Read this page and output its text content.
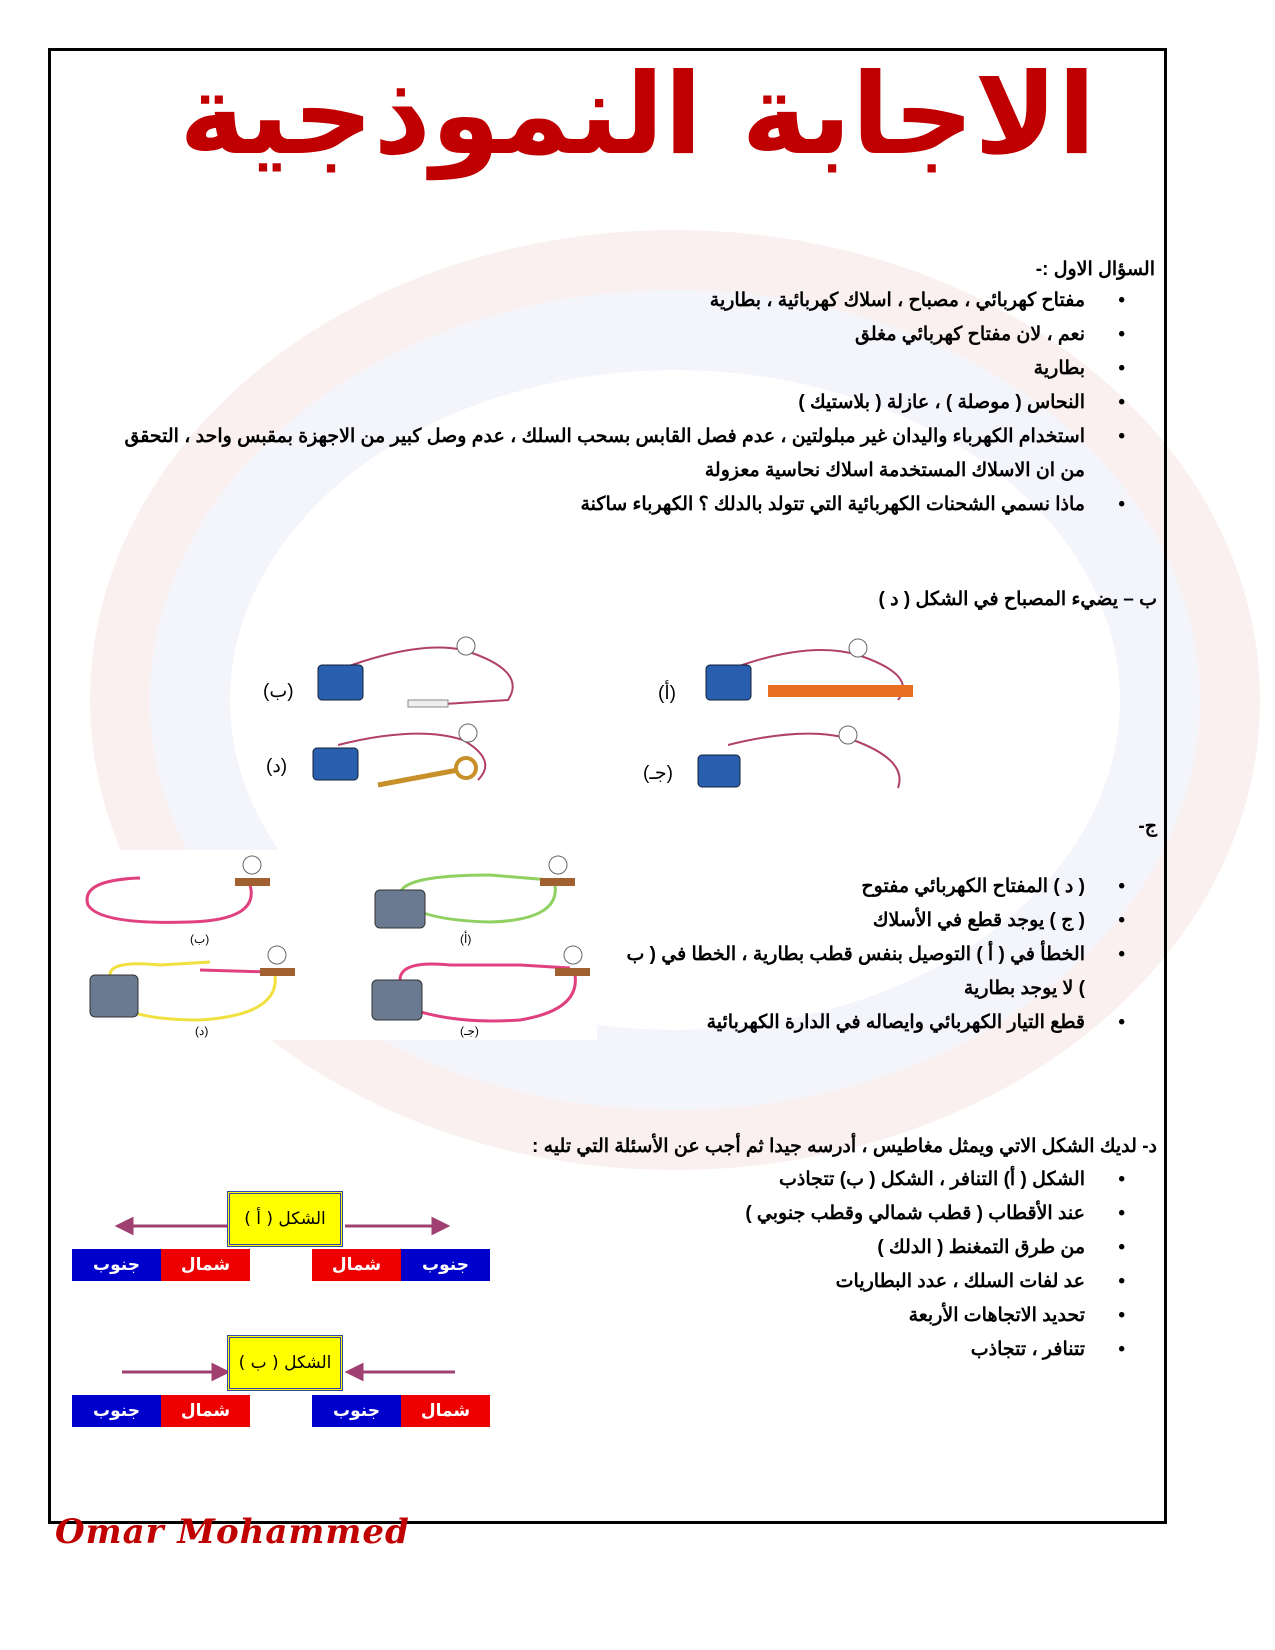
الاجابة النموذجية
السؤال الاول :-
• مفتاح كهربائي ، مصباح ، اسلاك كهربائية ، بطارية
• نعم ، لان مفتاح كهربائي مغلق
• بطارية
• النحاس ( موصلة ) ، عازلة ( بلاستيك )
• استخدام الكهرباء واليدان غير مبلولتين ، عدم فصل القابس بسحب السلك ، عدم وصل كبير من الاجهزة بمقبس واحد ، التحقق من ان الاسلاك المستخدمة اسلاك نحاسية معزولة
• ماذا نسمي الشحنات الكهربائية التي تتولد بالدلك ؟ الكهرباء ساكنة
ب – يضيء المصباح في الشكل ( د )
(ب)	(أ)
(د)	(جـ)
ج-
(ب)	(أ)
(د)	(جـ)
• ( د ) المفتاح الكهربائي مفتوح
• ( ج ) يوجد قطع في الأسلاك
• الخطأ في ( أ ) التوصيل بنفس قطب بطارية ، الخطا في ( ب ) لا يوجد بطارية
• قطع التيار الكهربائي وايصاله في الدارة الكهربائية
د- لديك الشكل الاتي ويمثل مغاطيس ، أدرسه جيدا ثم أجب عن الأسئلة التي تليه :
• الشكل ( أ) التنافر ، الشكل ( ب) تتجاذب
• عند الأقطاب ( قطب شمالي وقطب جنوبي )
• من طرق التمغنط ( الدلك )
• عد لفات السلك ، عدد البطاريات
• تحديد الاتجاهات الأربعة
• تتنافر ، تتجاذب
الشكل ( أ )
الشكل ( ب )
جنوب	شمال	شمال	جنوب
جنوب	شمال	جنوب	شمال
Omar Mohammed
